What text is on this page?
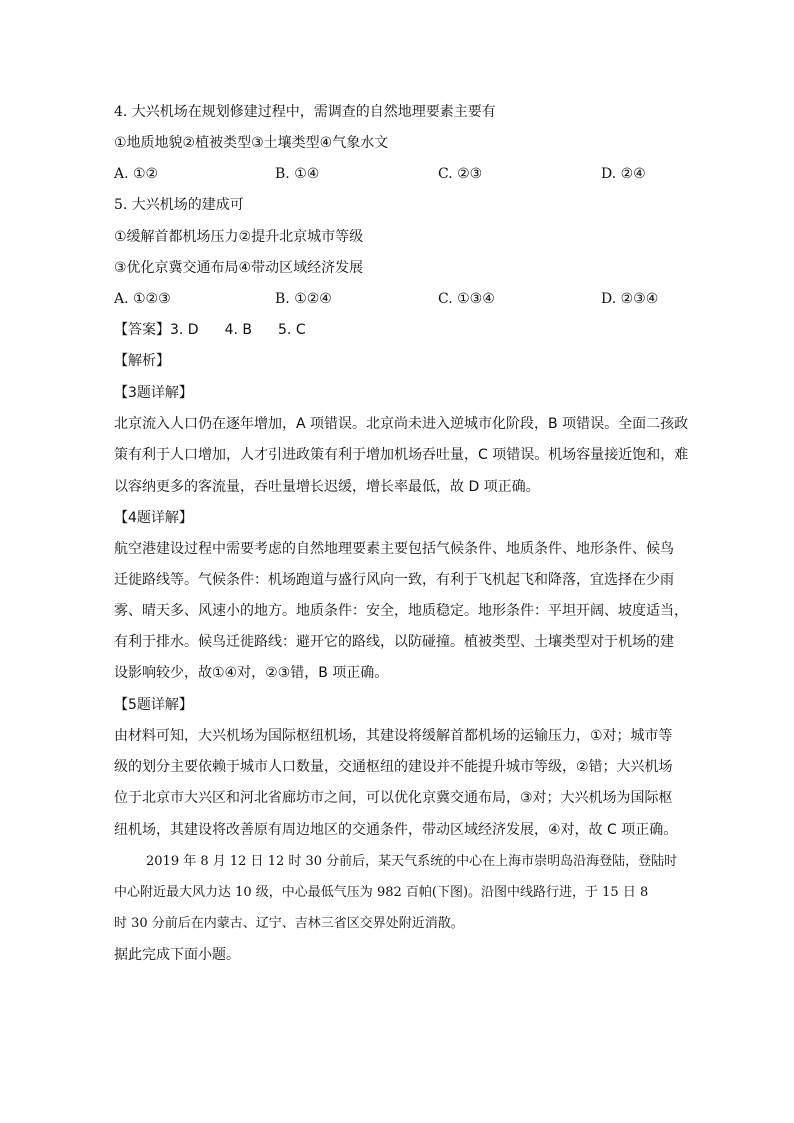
4. 大兴机场在规划修建过程中，需调查的自然地理要素主要有
①地质地貌②植被类型③土壤类型④气象水文
A. ①②	B. ①④	C. ②③	D. ②④
5. 大兴机场的建成可
①缓解首都机场压力②提升北京城市等级
③优化京冀交通布局④带动区域经济发展
A. ①②③	B. ①②④	C. ①③④	D. ②③④
【答案】3. D 4. B 5. C
【解析】
【3题详解】
北京流入人口仍在逐年增加，A 项错误。北京尚未进入逆城市化阶段，B 项错误。全面二孩政
策有利于人口增加，人才引进政策有利于增加机场吞吐量，C 项错误。机场容量接近饱和，难
以容纳更多的客流量，吞吐量增长迟缓，增长率最低，故 D 项正确。
【4题详解】
航空港建设过程中需要考虑的自然地理要素主要包括气候条件、地质条件、地形条件、候鸟
迁徙路线等。气候条件：机场跑道与盛行风向一致，有利于飞机起飞和降落，宜选择在少雨
雾、晴天多、风速小的地方。地质条件：安全，地质稳定。地形条件：平坦开阔、坡度适当，
有利于排水。候鸟迁徙路线：避开它的路线，以防碰撞。植被类型、土壤类型对于机场的建
设影响较少，故①④对，②③错，B 项正确。
【5题详解】
由材料可知，大兴机场为国际枢纽机场，其建设将缓解首都机场的运输压力，①对；城市等
级的划分主要依赖于城市人口数量，交通枢纽的建设并不能提升城市等级，②错；大兴机场
位于北京市大兴区和河北省廊坊市之间，可以优化京冀交通布局，③对；大兴机场为国际枢
纽机场，其建设将改善原有周边地区的交通条件，带动区域经济发展，④对，故 C 项正确。
2019 年 8 月 12 日 12 时 30 分前后，某天气系统的中心在上海市崇明岛沿海登陆，登陆时
中心附近最大风力达 10 级，中心最低气压为 982 百帕(下图)。沿图中线路行进，于 15 日 8
时 30 分前后在内蒙古、辽宁、吉林三省区交界处附近消散。
据此完成下面小题。
